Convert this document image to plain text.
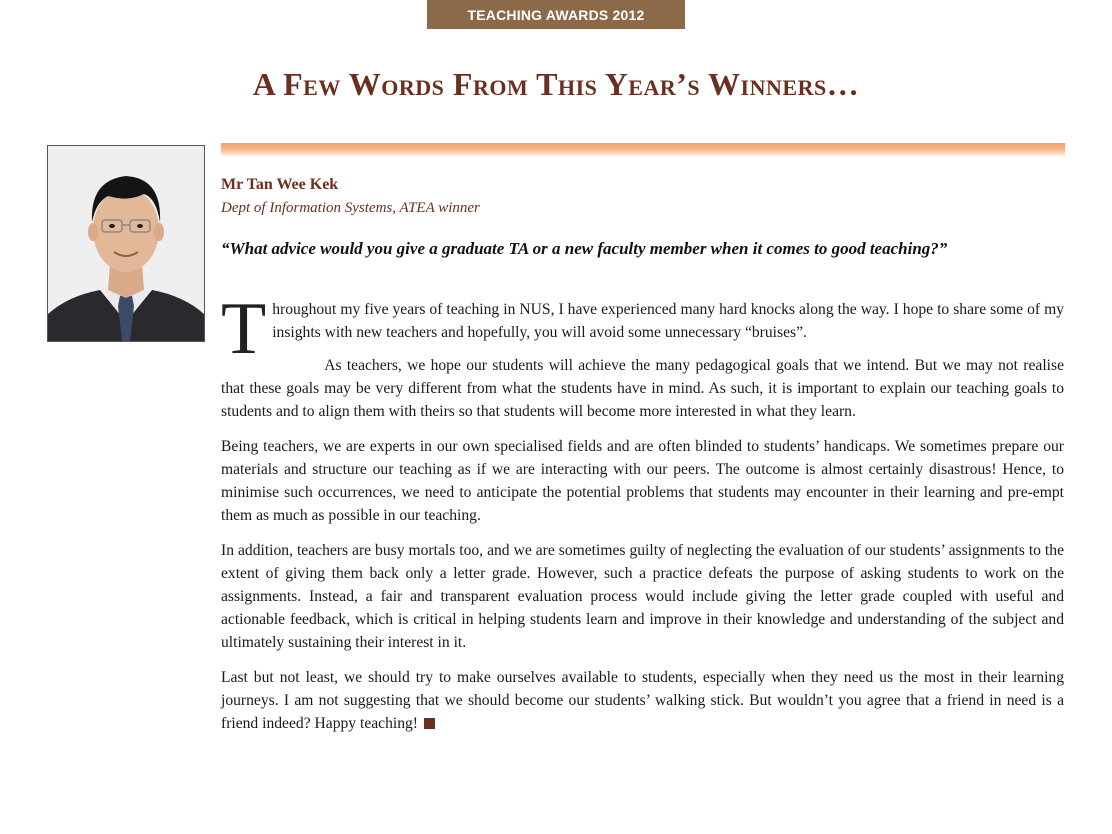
TEACHING AWARDS 2012
A Few Words From This Year’s Winners…
Mr Tan Wee Kek
Dept of Information Systems, ATEA winner
“What advice would you give a graduate TA or a new faculty member when it comes to good teaching?”

Throughout my five years of teaching in NUS, I have experienced many hard knocks along the way. I hope to share some of my insights with new teachers and hopefully, you will avoid some unnecessary “bruises”.

As teachers, we hope our students will achieve the many pedagogical goals that we intend. But we may not realise that these goals may be very different from what the students have in mind. As such, it is important to explain our teaching goals to students and to align them with theirs so that students will become more interested in what they learn.

Being teachers, we are experts in our own specialised fields and are often blinded to students’ handicaps. We sometimes prepare our materials and structure our teaching as if we are interacting with our peers. The outcome is almost certainly disastrous! Hence, to minimise such occurrences, we need to anticipate the potential problems that students may encounter in their learning and pre-empt them as much as possible in our teaching.

In addition, teachers are busy mortals too, and we are sometimes guilty of neglecting the evaluation of our students’ assignments to the extent of giving them back only a letter grade. However, such a practice defeats the purpose of asking students to work on the assignments. Instead, a fair and transparent evaluation process would include giving the letter grade coupled with useful and actionable feedback, which is critical in helping students learn and improve in their knowledge and understanding of the subject and ultimately sustaining their interest in it.

Last but not least, we should try to make ourselves available to students, especially when they need us the most in their learning journeys. I am not suggesting that we should become our students’ walking stick. But wouldn’t you agree that a friend in need is a friend indeed? Happy teaching!
